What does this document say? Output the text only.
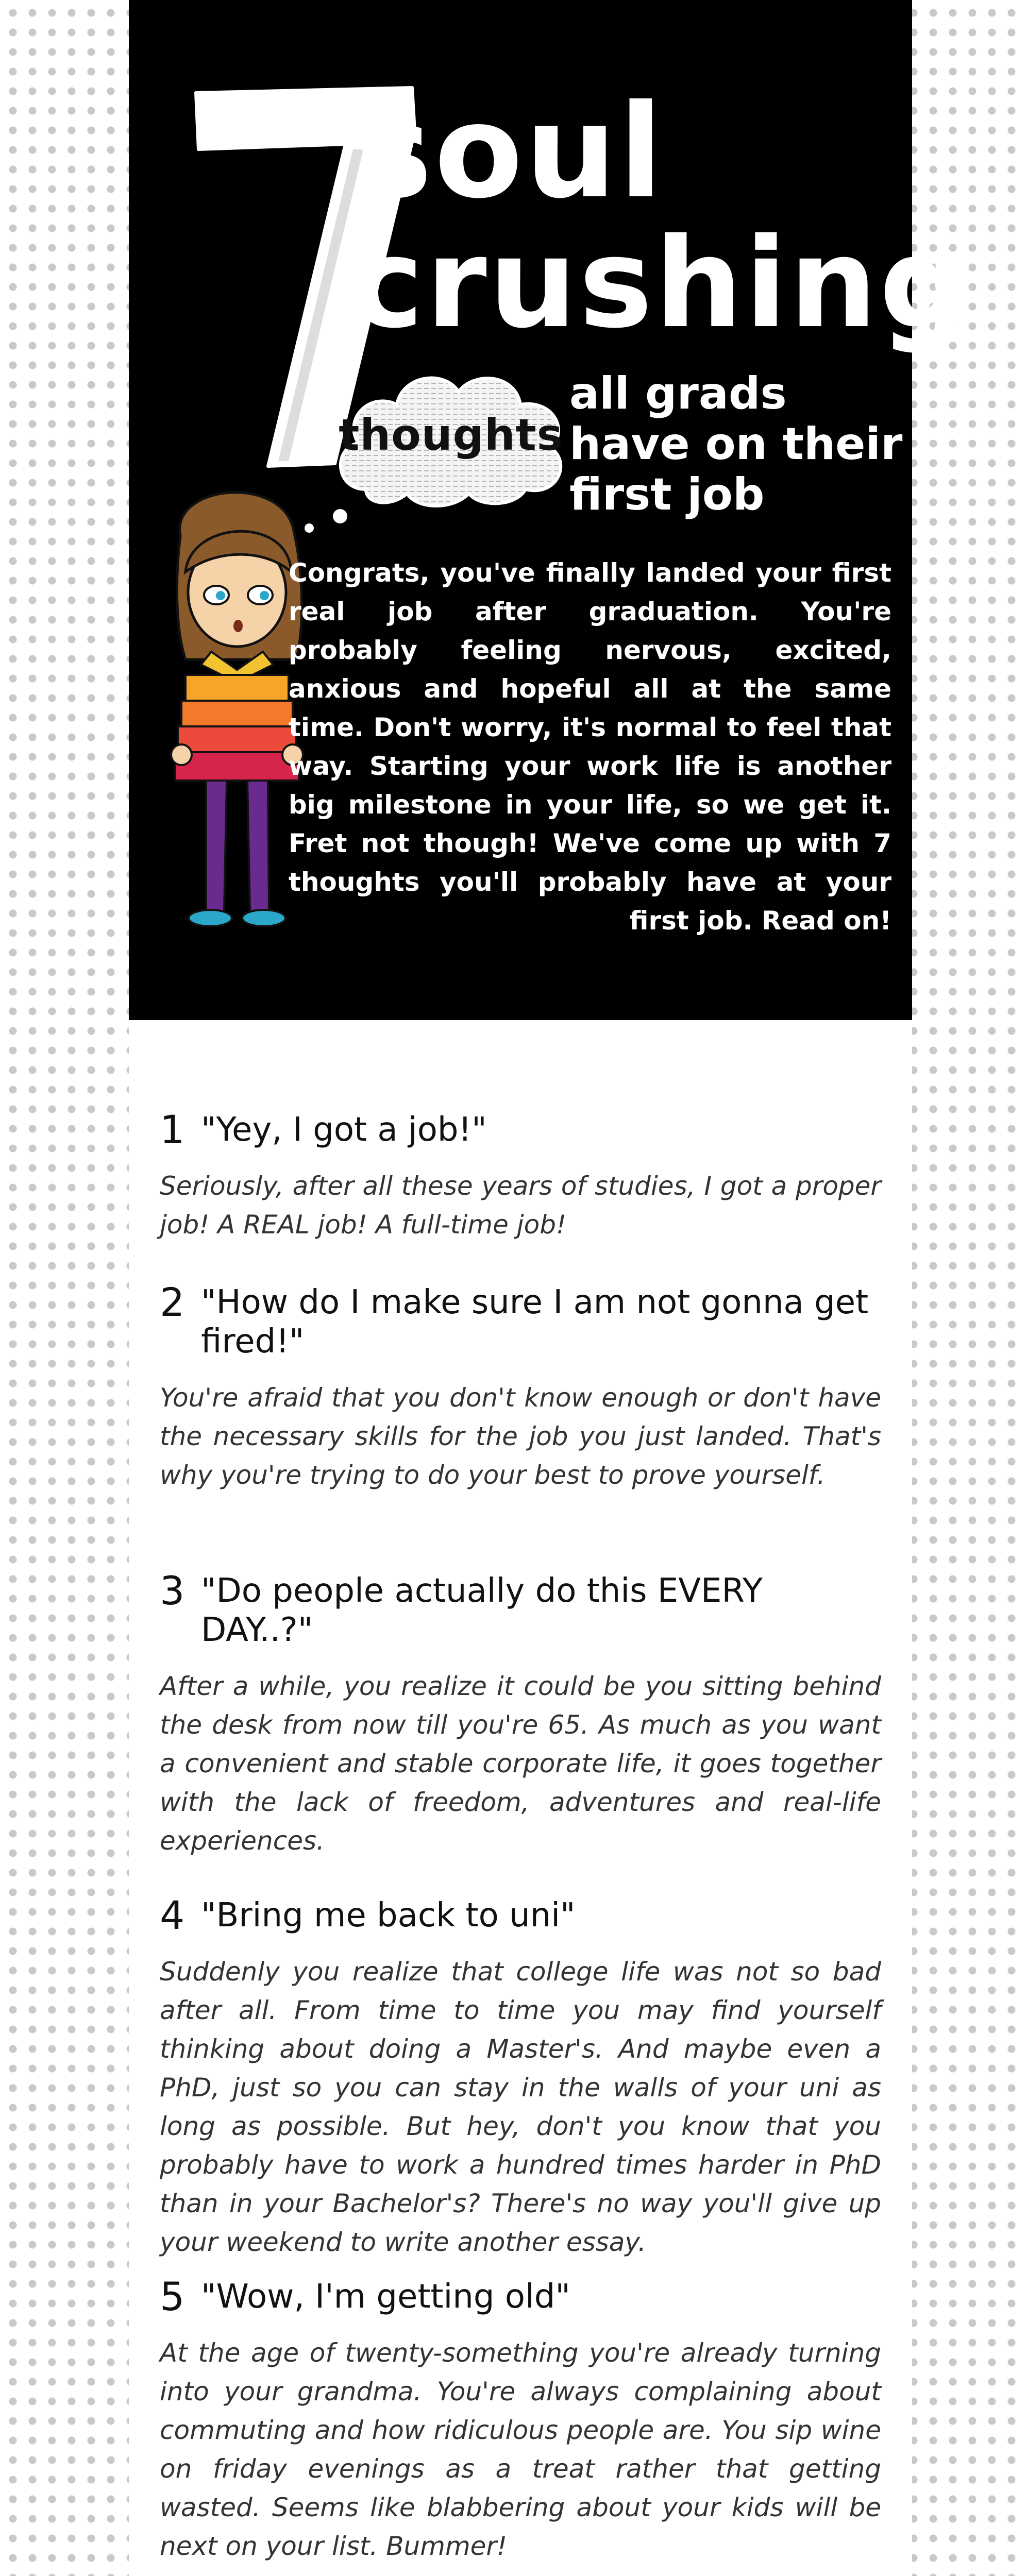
soul
crushing
thoughts
all grads
have on their
first job
Congrats, you've finally landed your first real job after graduation. You're probably feeling nervous, excited, anxious and hopeful all at the same time. Don't worry, it's normal to feel that way. Starting your work life is another big milestone in your life, so we get it. Fret not though! We've come up with 7 thoughts you'll probably have at your first job. Read on!
1 "Yey, I got a job!"
Seriously, after all these years of studies, I got a proper job! A REAL job! A full-time job!
2 "How do I make sure I am not gonna get fired!"
You're afraid that you don't know enough or don't have the necessary skills for the job you just landed. That's why you're trying to do your best to prove yourself.
3 "Do people actually do this EVERY DAY..?"
After a while, you realize it could be you sitting behind the desk from now till you're 65. As much as you want a convenient and stable corporate life, it goes together with the lack of freedom, adventures and real-life experiences.
4 "Bring me back to uni"
Suddenly you realize that college life was not so bad after all. From time to time you may find yourself thinking about doing a Master's. And maybe even a PhD, just so you can stay in the walls of your uni as long as possible. But hey, don't you know that you probably have to work a hundred times harder in PhD than in your Bachelor's? There's no way you'll give up your weekend to write another essay.
5 "Wow, I'm getting old"
At the age of twenty-something you're already turning into your grandma. You're always complaining about commuting and how ridiculous people are. You sip wine on friday evenings as a treat rather that getting wasted. Seems like blabbering about your kids will be next on your list. Bummer!
